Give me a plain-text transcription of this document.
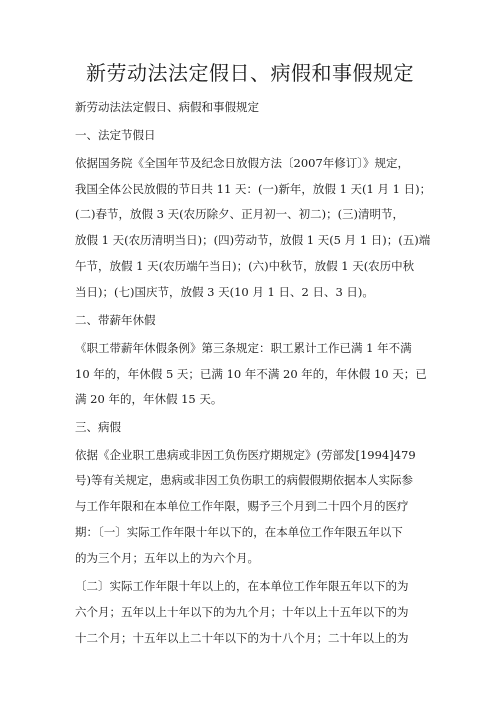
新劳动法法定假日、病假和事假规定
新劳动法法定假日、病假和事假规定
一、法定节假日
依据国务院《全国年节及纪念日放假方法〔2007年修订〕》规定，
我国全体公民放假的节日共 11 天：(一)新年，放假 1 天(1 月 1 日)；
(二)春节，放假 3 天(农历除夕、正月初一、初二)；(三)清明节，
放假 1 天(农历清明当日)；(四)劳动节，放假 1 天(5 月 1 日)；(五)端
午节，放假 1 天(农历端午当日)；(六)中秋节，放假 1 天(农历中秋
当日)；(七)国庆节，放假 3 天(10 月 1 日、2 日、3 日)。
二、带薪年休假
《职工带薪年休假条例》第三条规定：职工累计工作已满 1 年不满
10 年的，年休假 5 天；已满 10 年不满 20 年的，年休假 10 天；已
满 20 年的，年休假 15 天。
三、病假
依据《企业职工患病或非因工负伤医疗期规定》(劳部发[1994]479
号)等有关规定，患病或非因工负伤职工的病假假期依据本人实际参
与工作年限和在本单位工作年限，赐予三个月到二十四个月的医疗
期：〔一〕实际工作年限十年以下的，在本单位工作年限五年以下
的为三个月；五年以上的为六个月。
〔二〕实际工作年限十年以上的，在本单位工作年限五年以下的为
六个月；五年以上十年以下的为九个月；十年以上十五年以下的为
十二个月；十五年以上二十年以下的为十八个月；二十年以上的为
